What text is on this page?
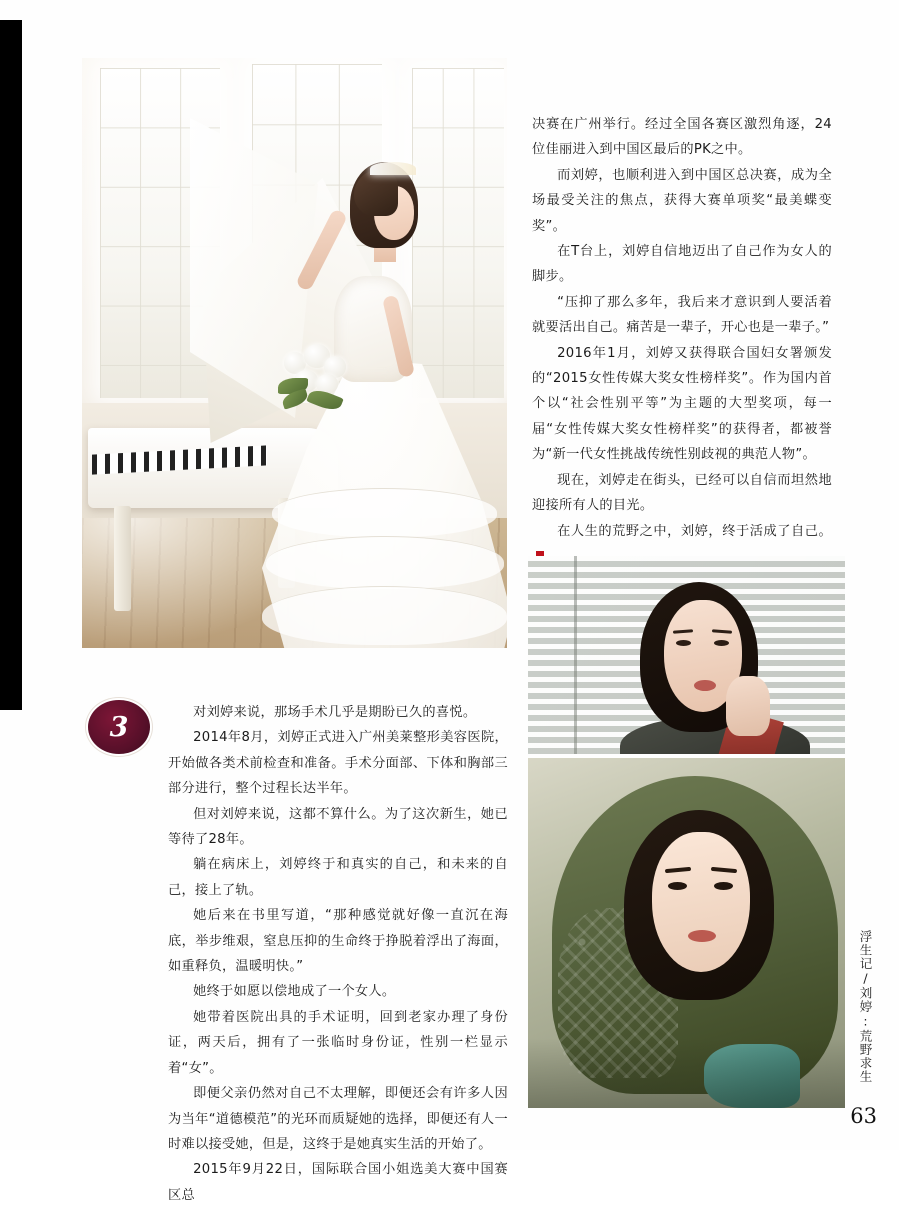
决赛在广州举行。经过全国各赛区激烈角逐，24位佳丽进入到中国区最后的PK之中。

而刘婷，也顺利进入到中国区总决赛，成为全场最受关注的焦点，获得大赛单项奖“最美蝶变奖”。

在T台上，刘婷自信地迈出了自己作为女人的脚步。

“压抑了那么多年，我后来才意识到人要活着就要活出自己。痛苦是一辈子，开心也是一辈子。”

2016年1月，刘婷又获得联合国妇女署颁发的“2015女性传媒大奖女性榜样奖”。作为国内首个以“社会性别平等”为主题的大型奖项，每一届“女性传媒大奖女性榜样奖”的获得者，都被誉为“新一代女性挑战传统性别歧视的典范人物”。

现在，刘婷走在街头，已经可以自信而坦然地迎接所有人的目光。

在人生的荒野之中，刘婷，终于活成了自己。

3	对刘婷来说，那场手术几乎是期盼已久的喜悦。

2014年8月，刘婷正式进入广州美莱整形美容医院，开始做各类术前检查和准备。手术分面部、下体和胸部三部分进行，整个过程长达半年。

但对刘婷来说，这都不算什么。为了这次新生，她已等待了28年。

躺在病床上，刘婷终于和真实的自己，和未来的自己，接上了轨。

她后来在书里写道，“那种感觉就好像一直沉在海底，举步维艰，窒息压抑的生命终于挣脱着浮出了海面，如重释负，温暖明快。”

她终于如愿以偿地成了一个女人。

她带着医院出具的手术证明，回到老家办理了身份证，两天后，拥有了一张临时身份证，性别一栏显示着“女”。

即便父亲仍然对自己不太理解，即便还会有许多人因为当年“道德模范”的光环而质疑她的选择，即便还有人一时难以接受她，但是，这终于是她真实生活的开始了。

2015年9月22日，国际联合国小姐选美大赛中国赛区总

浮生记/刘婷:荒野求生
63
